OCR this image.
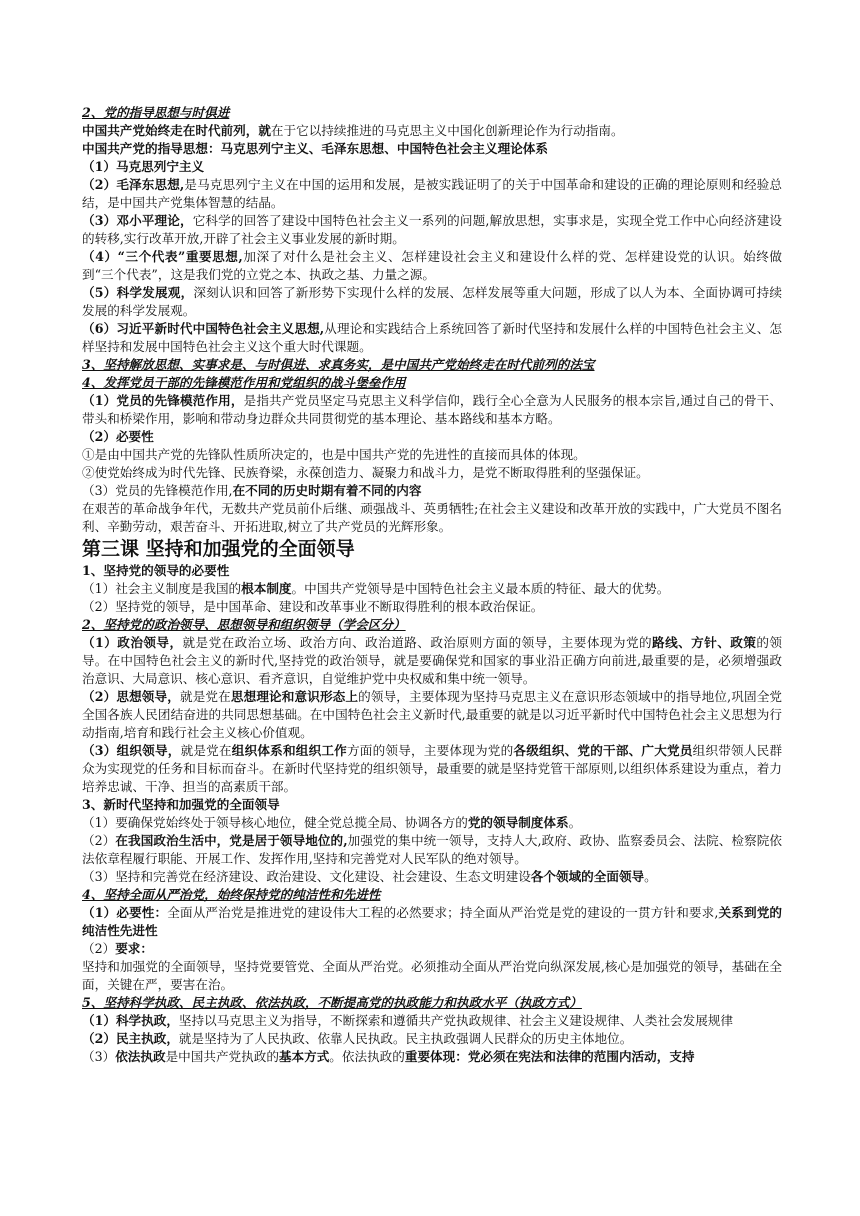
2、党的指导思想与时俱进

中国共产党始终走在时代前列，就在于它以持续推进的马克思主义中国化创新理论作为行动指南。

中国共产党的指导思想：马克思列宁主义、毛泽东思想、中国特色社会主义理论体系

（1）马克思列宁主义

（2）毛泽东思想,是马克思列宁主义在中国的运用和发展，是被实践证明了的关于中国革命和建设的正确的理论原则和经验总结，是中国共产党集体智慧的结晶。

（3）邓小平理论，它科学的回答了建设中国特色社会主义一系列的问题,解放思想，实事求是，实现全党工作中心向经济建设的转移,实行改革开放,开辟了社会主义事业发展的新时期。

（4）“三个代表”重要思想,加深了对什么是社会主义、怎样建设社会主义和建设什么样的党、怎样建设党的认识。始终做到“三个代表”，这是我们党的立党之本、执政之基、力量之源。

（5）科学发展观，深刻认识和回答了新形势下实现什么样的发展、怎样发展等重大问题，形成了以人为本、全面协调可持续发展的科学发展观。

（6）习近平新时代中国特色社会主义思想,从理论和实践结合上系统回答了新时代坚持和发展什么样的中国特色社会主义、怎样坚持和发展中国特色社会主义这个重大时代课题。

3、坚持解放思想、实事求是、与时俱进、求真务实，是中国共产党始终走在时代前列的法宝

4、发挥党员干部的先锋模范作用和党组织的战斗堡垒作用

（1）党员的先锋模范作用，是指共产党员坚定马克思主义科学信仰，践行全心全意为人民服务的根本宗旨,通过自己的骨干、带头和桥梁作用，影响和带动身边群众共同贯彻党的基本理论、基本路线和基本方略。

（2）必要性

①是由中国共产党的先锋队性质所决定的，也是中国共产党的先进性的直接而具体的体现。

②使党始终成为时代先锋、民族脊梁，永葆创造力、凝聚力和战斗力，是党不断取得胜利的坚强保证。

（3）党员的先锋模范作用,在不同的历史时期有着不同的内容

在艰苦的革命战争年代，无数共产党员前仆后继、顽强战斗、英勇牺牲;在社会主义建设和改革开放的实践中，广大党员不图名利、辛勤劳动，艰苦奋斗、开拓进取,树立了共产党员的光辉形象。

第三课 坚持和加强党的全面领导

1、坚持党的领导的必要性

（1）社会主义制度是我国的根本制度。中国共产党领导是中国特色社会主义最本质的特征、最大的优势。

（2）坚持党的领导，是中国革命、建设和改革事业不断取得胜利的根本政治保证。

2、坚持党的政治领导、思想领导和组织领导（学会区分）

（1）政治领导，就是党在政治立场、政治方向、政治道路、政治原则方面的领导，主要体现为党的路线、方针、政策的领导。在中国特色社会主义的新时代,坚持党的政治领导，就是要确保党和国家的事业沿正确方向前进,最重要的是，必须增强政治意识、大局意识、核心意识、看齐意识，自觉维护党中央权威和集中统一领导。

（2）思想领导，就是党在思想理论和意识形态上的领导，主要体现为坚持马克思主义在意识形态领域中的指导地位,巩固全党全国各族人民团结奋进的共同思想基础。在中国特色社会主义新时代,最重要的就是以习近平新时代中国特色社会主义思想为行动指南,培育和践行社会主义核心价值观。

（3）组织领导，就是党在组织体系和组织工作方面的领导，主要体现为党的各级组织、党的干部、广大党员组织带领人民群众为实现党的任务和目标而奋斗。在新时代坚持党的组织领导，最重要的就是坚持党管干部原则,以组织体系建设为重点，着力培养忠诚、干净、担当的高素质干部。

3、新时代坚持和加强党的全面领导

（1）要确保党始终处于领导核心地位，健全党总揽全局、协调各方的党的领导制度体系。

（2）在我国政治生活中，党是居于领导地位的,加强党的集中统一领导，支持人大,政府、政协、监察委员会、法院、检察院依法依章程履行职能、开展工作、发挥作用,坚持和完善党对人民军队的绝对领导。

（3）坚持和完善党在经济建设、政治建设、文化建设、社会建设、生态文明建设各个领域的全面领导。

4、坚持全面从严治党，始终保持党的纯洁性和先进性

（1）必要性：全面从严治党是推进党的建设伟大工程的必然要求；持全面从严治党是党的建设的一贯方针和要求,关系到党的纯洁性先进性

（2）要求：

坚持和加强党的全面领导，坚持党要管党、全面从严治党。必须推动全面从严治党向纵深发展,核心是加强党的领导，基础在全面，关键在严，要害在治。

5、坚持科学执政、民主执政、依法执政，不断提高党的执政能力和执政水平（执政方式）

（1）科学执政，坚持以马克思主义为指导，不断探索和遵循共产党执政规律、社会主义建设规律、人类社会发展规律

（2）民主执政，就是坚持为了人民执政、依靠人民执政。民主执政强调人民群众的历史主体地位。

（3）依法执政是中国共产党执政的基本方式。依法执政的重要体现：党必须在宪法和法律的范围内活动，支持
